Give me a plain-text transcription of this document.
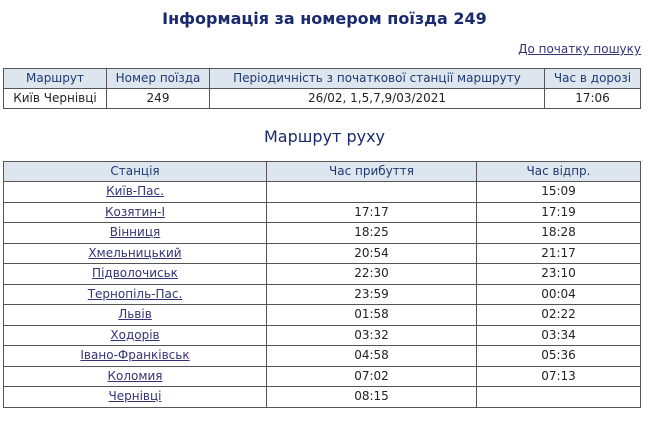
Інформація за номером поїзда 249
До початку пошуку
Маршрут	Номер поїзда	Періодичність з початкової станції маршруту	Час в дорозі
Київ Чернівці	249	26/02, 1,5,7,9/03/2021	17:06
Маршрут руху
Станція	Час прибуття	Час відпр.
Київ-Пас.		15:09
Козятин-І	17:17	17:19
Вінниця	18:25	18:28
Хмельницький	20:54	21:17
Підволочиськ	22:30	23:10
Тернопіль-Пас.	23:59	00:04
Львів	01:58	02:22
Ходорів	03:32	03:34
Івано-Франківськ	04:58	05:36
Коломия	07:02	07:13
Чернівці	08:15	
